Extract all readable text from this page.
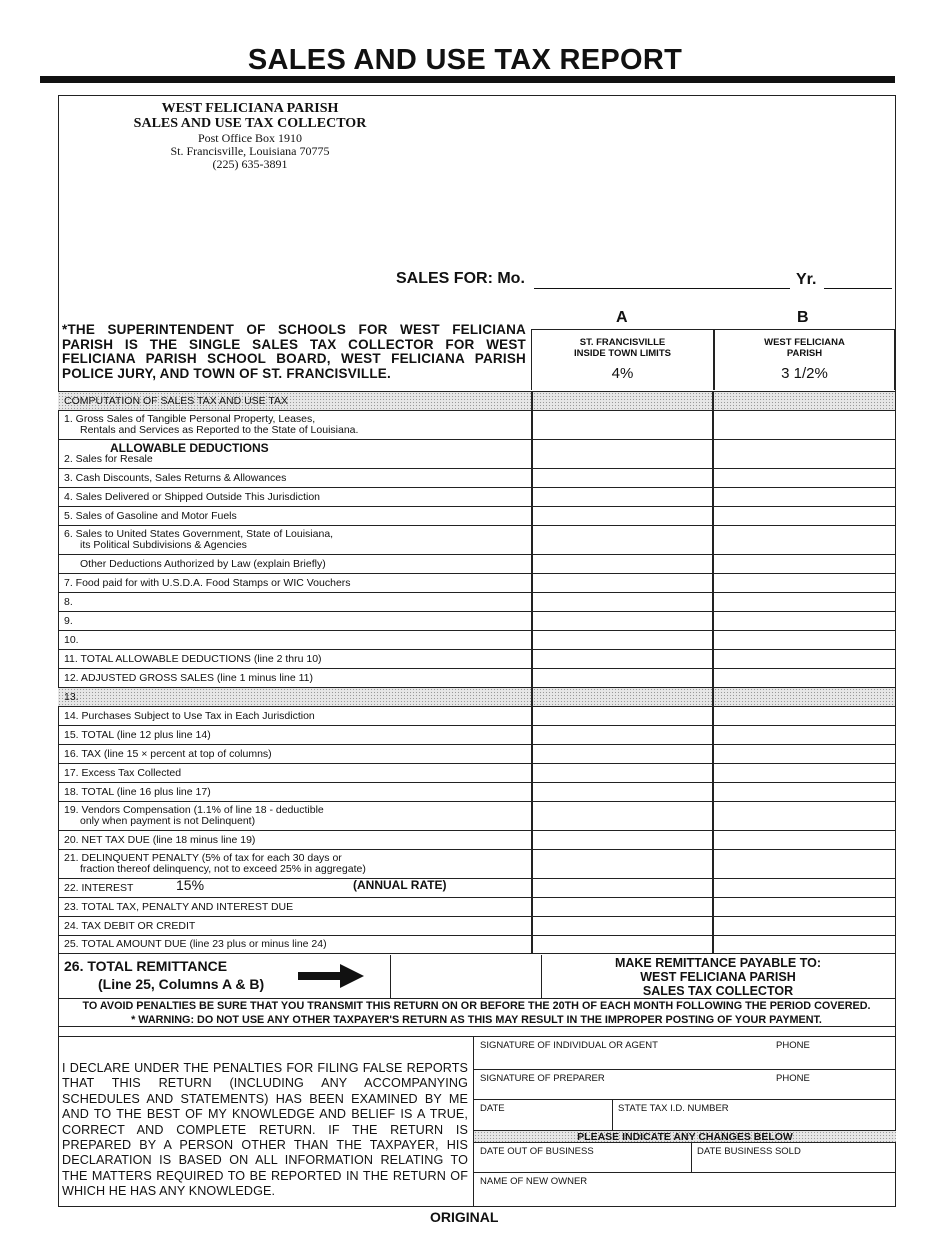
SALES AND USE TAX REPORT
WEST FELICIANA PARISH
SALES AND USE TAX COLLECTOR
Post Office Box 1910
St. Francisville, Louisiana 70775
(225) 635-3891
SALES FOR: Mo.	Yr.
A	B
ST. FRANCISVILLE
INSIDE TOWN LIMITS
4%
WEST FELICIANA
PARISH
3 1/2%
*THE SUPERINTENDENT OF SCHOOLS FOR WEST FELICIANA PARISH IS THE SINGLE SALES TAX COLLECTOR FOR WEST FELICIANA PARISH SCHOOL BOARD, WEST FELICIANA PARISH POLICE JURY, AND TOWN OF ST. FRANCISVILLE.
COMPUTATION OF SALES TAX AND USE TAX
1. Gross Sales of Tangible Personal Property, Leases,
Rentals and Services as Reported to the State of Louisiana.
ALLOWABLE DEDUCTIONS
2. Sales for Resale
3. Cash Discounts, Sales Returns & Allowances
4. Sales Delivered or Shipped Outside This Jurisdiction
5. Sales of Gasoline and Motor Fuels
6. Sales to United States Government, State of Louisiana,
its Political Subdivisions & Agencies
Other Deductions Authorized by Law (explain Briefly)
7. Food paid for with U.S.D.A. Food Stamps or WIC Vouchers
8.
9.
10.
11. TOTAL ALLOWABLE DEDUCTIONS (line 2 thru 10)
12. ADJUSTED GROSS SALES (line 1 minus line 11)
13.
14. Purchases Subject to Use Tax in Each Jurisdiction
15. TOTAL (line 12 plus line 14)
16. TAX (line 15 × percent at top of columns)
17. Excess Tax Collected
18. TOTAL (line 16 plus line 17)
19. Vendors Compensation (1.1% of line 18 - deductible
only when payment is not Delinquent)
20. NET TAX DUE (line 18 minus line 19)
21. DELINQUENT PENALTY (5% of tax for each 30 days or
fraction thereof delinquency, not to exceed 25% in aggregate)
22. INTEREST	15%	(ANNUAL RATE)
23. TOTAL TAX, PENALTY AND INTEREST DUE
24. TAX DEBIT OR CREDIT
25. TOTAL AMOUNT DUE (line 23 plus or minus line 24)
26. TOTAL REMITTANCE
(Line 25, Columns A & B)
MAKE REMITTANCE PAYABLE TO:
WEST FELICIANA PARISH
SALES TAX COLLECTOR
TO AVOID PENALTIES BE SURE THAT YOU TRANSMIT THIS RETURN ON OR BEFORE THE 20TH OF EACH MONTH FOLLOWING THE PERIOD COVERED.
* WARNING: DO NOT USE ANY OTHER TAXPAYER'S RETURN AS THIS MAY RESULT IN THE IMPROPER POSTING OF YOUR PAYMENT.
I DECLARE UNDER THE PENALTIES FOR FILING FALSE REPORTS THAT THIS RETURN (INCLUDING ANY ACCOMPANYING SCHEDULES AND STATEMENTS) HAS BEEN EXAMINED BY ME AND TO THE BEST OF MY KNOWLEDGE AND BELIEF IS A TRUE, CORRECT AND COMPLETE RETURN. IF THE RETURN IS PREPARED BY A PERSON OTHER THAN THE TAXPAYER, HIS DECLARATION IS BASED ON ALL INFORMATION RELATING TO THE MATTERS REQUIRED TO BE REPORTED IN THE RETURN OF WHICH HE HAS ANY KNOWLEDGE.
SIGNATURE OF INDIVIDUAL OR AGENT	PHONE
SIGNATURE OF PREPARER	PHONE
DATE	STATE TAX I.D. NUMBER
PLEASE INDICATE ANY CHANGES BELOW
DATE OUT OF BUSINESS	DATE BUSINESS SOLD
NAME OF NEW OWNER
ORIGINAL
